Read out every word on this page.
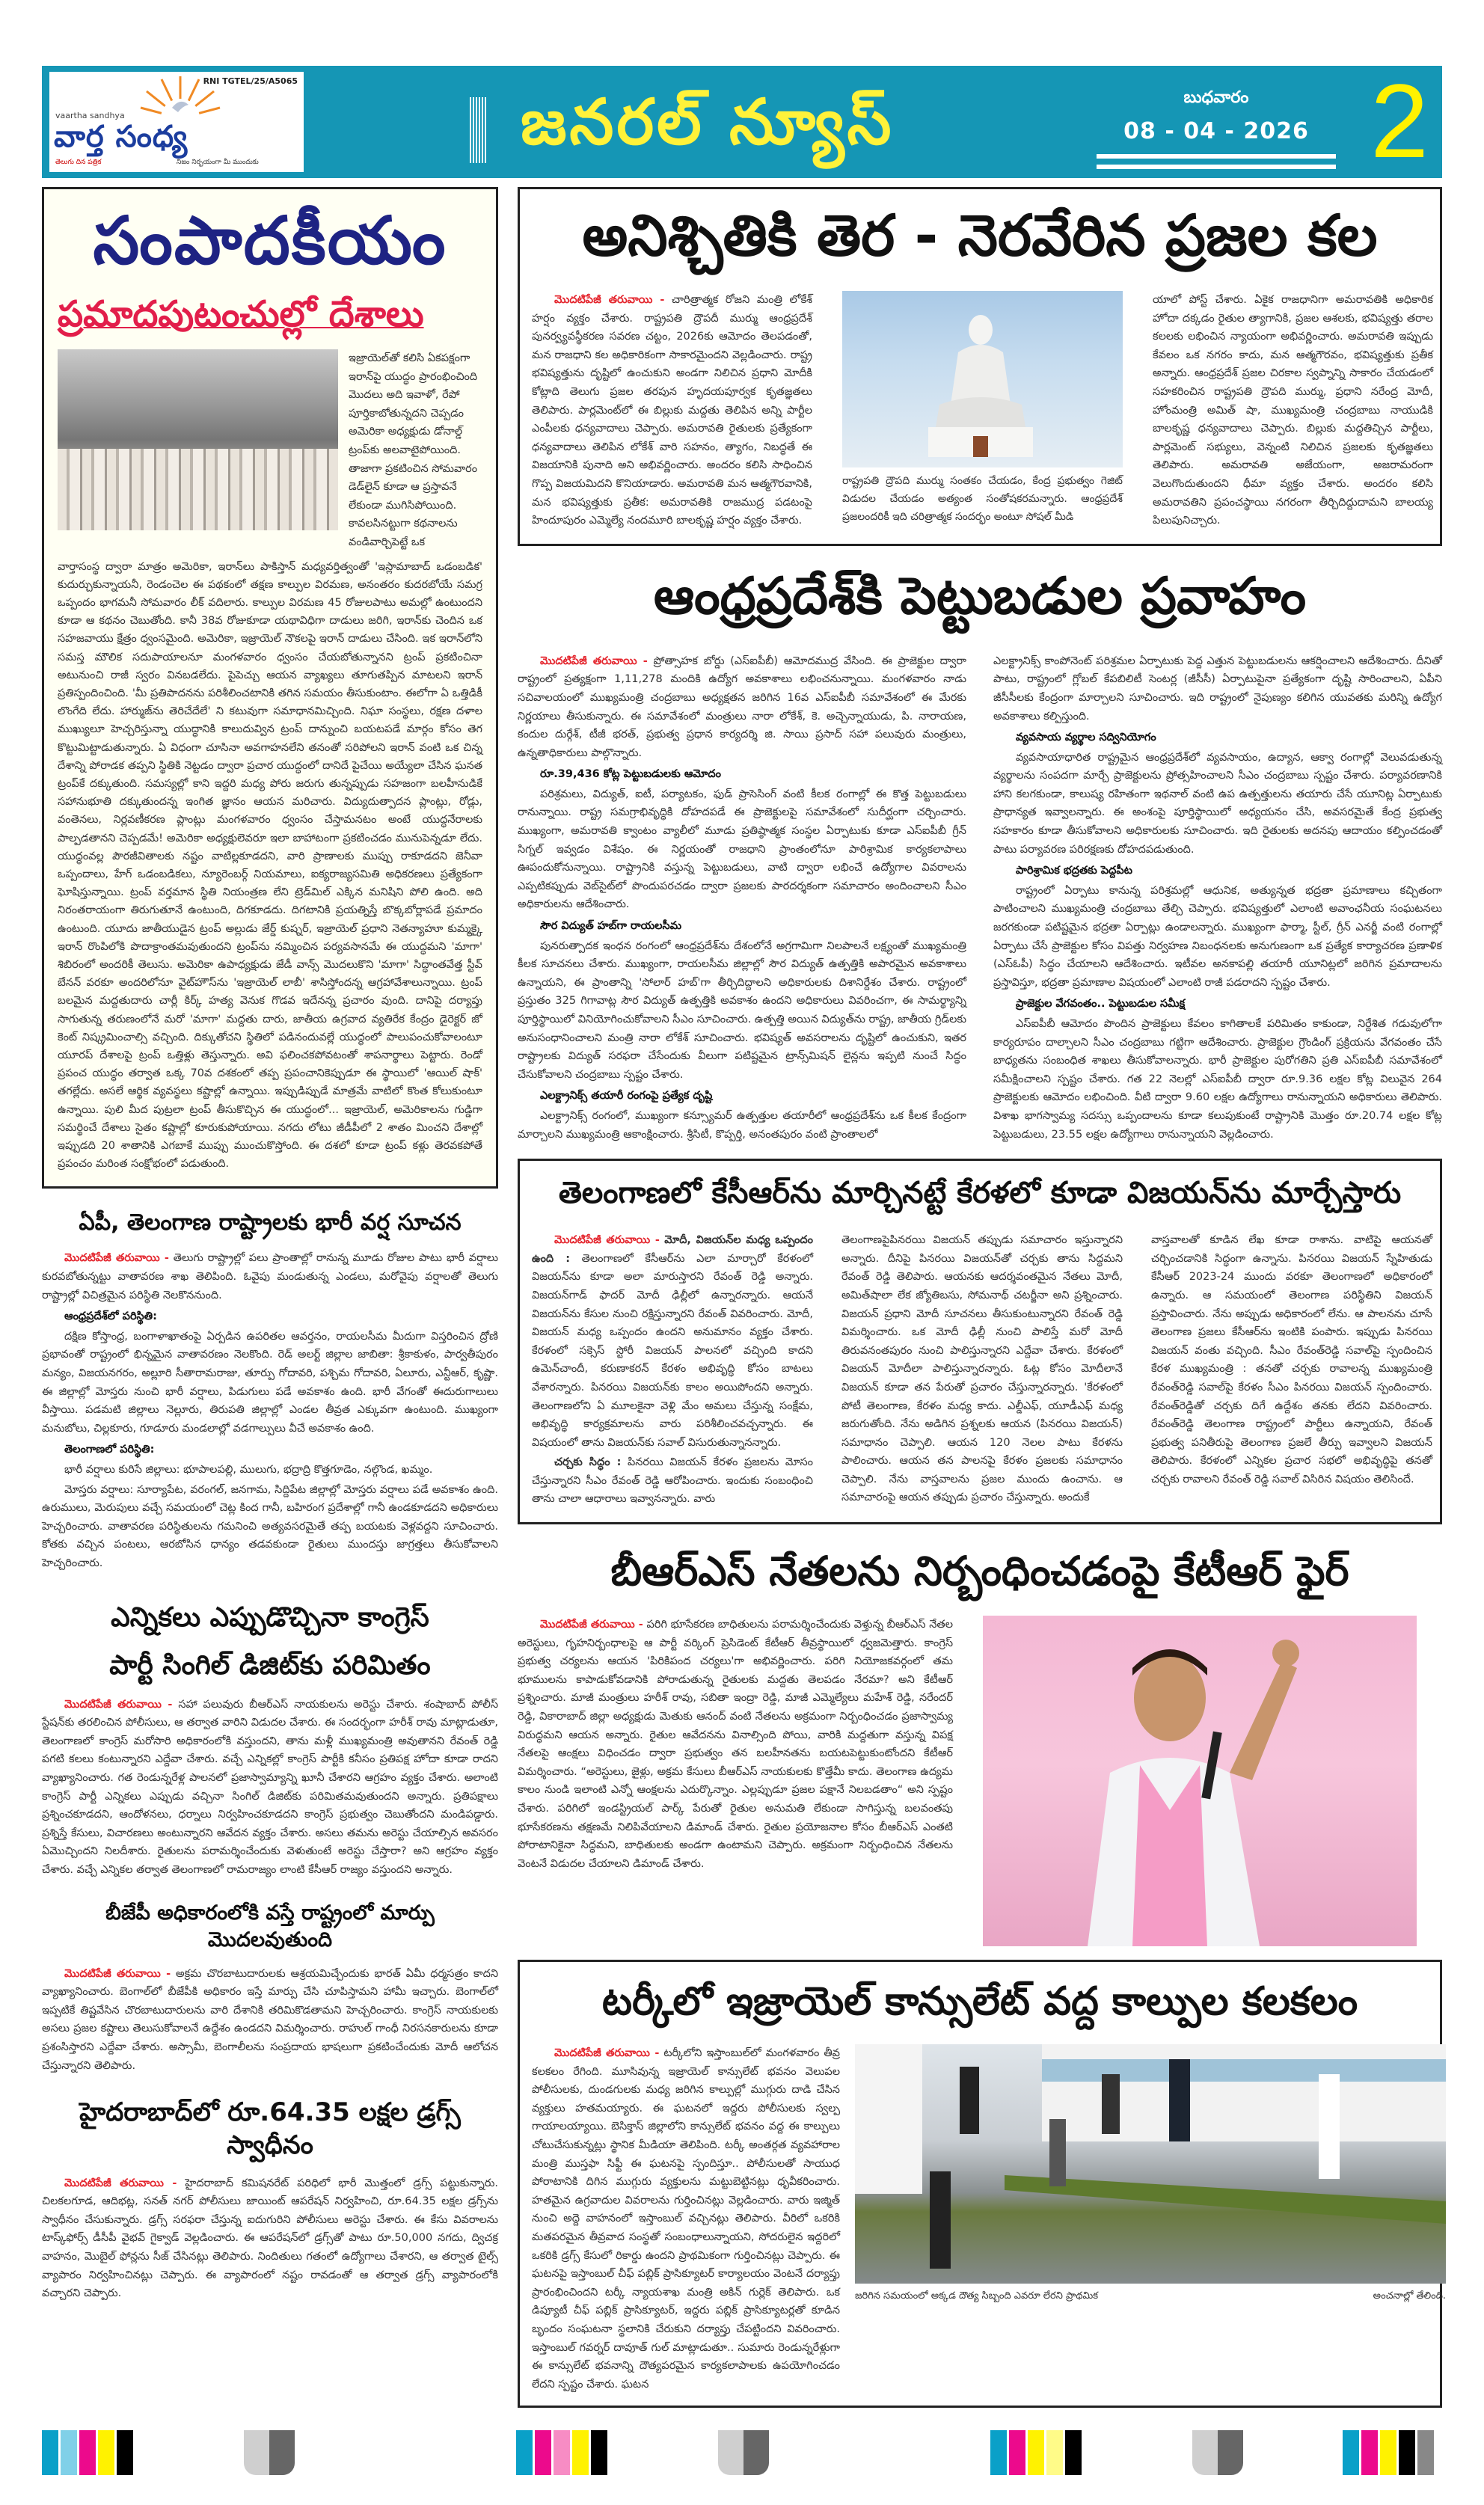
RNI TGTEL/25/A5065
vaartha sandhya
వార్త సంధ్య
తెలుగు దిన పత్రిక	నిజం నిర్భయంగా మీ ముందుకు
జనరల్ న్యూస్	బుధవారం
08 - 04 - 2026 2
సంపాదకీయం
ప్రమాదపుటంచుల్లో దేశాలు
ఇజ్రాయెల్‌తో కలిసి ఏకపక్షంగా ఇరాన్‌పై యుద్ధం ప్రారంభించింది మొదలు అది ఇవాళో, రేపో పూర్తికాబోతున్నదని చెప్పడం అమెరికా అధ్యక్షుడు డోనాల్డ్ ట్రంప్‌కు అలవాటైపోయింది. తాజాగా ప్రకటించిన సోమవారం డెడ్‌లైన్ కూడా ఆ ప్రస్తావనే లేకుండా ముగిసిపోయింది. కావలసినట్టుగా కథనాలను వండివార్చిపెట్టే ఒక
వార్తాసంస్థ ద్వారా మాత్రం అమెరికా, ఇరాన్‌లు పాకిస్తాన్ మధ్యవర్తిత్వంతో 'ఇస్లామాబాద్ ఒడంబడిక' కుదుర్చుకున్నాయనీ, రెండంచెల ఈ పథకంలో తక్షణ కాల్పుల విరమణ, అనంతరం కుదరబోయే సమగ్ర ఒప్పందం భాగమనీ సోమవారం లీక్ వదిలారు. కాల్పుల విరమణ 45 రోజులపాటు అమల్లో ఉంటుందని కూడా ఆ కథనం చెబుతోంది. కానీ 38వ రోజుకూడా యథావిధిగా దాడులు జరిగి, ఇరాన్‌కు చెందిన ఒక సహజవాయు క్షేత్రం ధ్వంసమైంది. అమెరికా, ఇజ్రాయెల్ నౌకలపై ఇరాన్ దాడులు చేసింది. ఇక ఇరాన్‌లోని సమస్త మౌలిక సదుపాయాలనూ మంగళవారం ధ్వంసం చేయబోతున్నానని ట్రంప్ ప్రకటించినా అటునుంచి రాజీ స్వరం వినబడలేదు. పైపెచ్చు ఆయన వ్యాఖ్యలు తూగుతప్పిన మాటలని ఇరాన్ ప్రతిస్పందించింది. 'మీ ప్రతిపాదనను పరిశీలించటానికి తగిన సమయం తీసుకుంటాం. ఈలోగా ఏ ఒత్తిడికీ లొంగేది లేదు. హార్ముజ్‌ను తెరిచేదేలే' ని కటువుగా సమాధానమిచ్చింది. నిఘా సంస్థలు, రక్షణ దళాల ముఖ్యులూ హెచ్చరిస్తున్నా యుద్ధానికి కాలుదువ్విన ట్రంప్ దాన్నుంచి బయటపడే మార్గం కోసం తెగ కొట్టుమిట్టాడుతున్నారు. ఏ విధంగా చూసినా అవగాహనలేని తనంతో సరిపోలని ఇరాన్ వంటి ఒక చిన్న దేశాన్ని పోరాడక తప్పని స్థితికి నెట్టడం ద్వారా ప్రచార యుద్ధంలో దానిదే పైచేయి అయ్యేలా చేసిన ఘనత ట్రంప్‌కే దక్కుతుంది. సమస్యల్లో కాని ఇద్దరి మధ్య పోరు జరుగు తున్నప్పుడు సహజంగా బలహీనుడికే సహానుభూతి దక్కుతుందన్న ఇంగిత జ్ఞానం ఆయన మరిచారు. విద్యుదుత్పాదన ప్లాంట్లు, రోడ్లు, వంతెనలు, నిర్లవణీకరణ ప్లాంట్లు మంగళవారం ధ్వంసం చేస్తామనటం అంటే యుద్ధనేరాలకు పాల్పడతానని చెప్పడమే! అమెరికా అధ్యక్షులెవరూ ఇలా బాహాటంగా ప్రకటించడం మునుపెన్నడూ లేదు. యుద్ధంవల్ల పౌరజీవితాలకు నష్టం వాటిల్లకూడదని, వారి ప్రాణాలకు ముప్పు రాకూడదని జెనీవా ఒప్పందాలు, హేగ్ ఒడంబడికలు, న్యూరెంబర్గ్ నియమాలు, ఐక్యరాజ్యసమితి అధికరణలు ప్రత్యేకంగా ఘోషిస్తున్నాయి. ట్రంప్ వర్తమాన స్థితి నియంత్రణ లేని ట్రెడ్‌మిల్ ఎక్కిన మనిషిని పోలి ఉంది. అది నిరంతరాయంగా తిరుగుతూనే ఉంటుంది, దిగకూడదు. దిగటానికి ప్రయత్నిస్తే బొక్కబోర్లాపడే ప్రమాదం ఉంటుంది. యూదు జాతీయుడైన ట్రంప్ అల్లుడు జేర్డ్ కుష్నర్, ఇజ్రాయెల్ ప్రధాని నెతన్యాహూ కుమ్మక్కై ఇరాన్ రొంపిలోకి పొదాక్రాంతమవుతుందని ట్రంప్‌ను నమ్మించిన పర్యవసానమే ఈ యుద్ధమని 'మాగా' శిబిరంలో అందరికీ తెలుసు. అమెరికా ఉపాధ్యక్షుడు జేడీ వాన్స్ మొదలుకొని 'మాగా' సిద్ధాంతవేత్త స్టీవ్ బేనన్ వరకూ అందరిలోనూ వైట్‌హౌస్‌ను 'ఇజ్రాయెల్ లాబీ' శాసిస్తోందన్న ఆగ్రహావేశాలున్నాయి. ట్రంప్ బలమైన మద్దతుదారు చార్లీ కిర్క్ హత్య వెనుక గొడవ ఇదేనన్న ప్రచారం వుంది. దానిపై దర్యాప్తు సాగుతున్న తరుణంలోనే మరో 'మాగా' మద్దతు దారు, జాతీయ ఉగ్రవాద వ్యతిరేక కేంద్రం డైరెక్టర్ జో కెంట్ నిష్క్రమించాల్సి వచ్చింది. దిక్కుతోచని స్థితిలో పడినందువల్లే యుద్ధంలో పాలుపంచుకోవాలంటూ యూరప్ దేశాలపై ట్రంప్ ఒత్తిళ్లు తెస్తున్నారు. అవి ఫలించకపోవటంతో శాపనార్థాలు పెట్టారు. రెండో ప్రపంచ యుద్ధం తర్వాత ఒక్క 70వ దశకంలో తప్ప ప్రపంచానికెప్పుడూ ఈ స్థాయిలో 'ఆయిల్ షాక్' తగల్లేదు. అసలే ఆర్థిక వ్యవస్థలు కష్టాల్లో ఉన్నాయి. ఇప్పుడిప్పుడే మాత్రమే వాటిలో కొంత కోలుకుంటూ ఉన్నాయి. పులి మీద పుట్రలా ట్రంప్ తీసుకొచ్చిన ఈ యుద్ధంలో... ఇజ్రాయెల్, అమెరికాలను గుడ్డిగా సమర్థించే దేశాలు సైతం కష్టాల్లో కూరుకుపోయాయి. నగదు లోటు జీడీపీలో 2 శాతం మించని దేశాల్లో ఇప్పుడది 20 శాతానికి ఎగబాకే ముప్పు ముంచుకొస్తోంది. ఈ దశలో కూడా ట్రంప్ కళ్లు తెరవకపోతే ప్రపంచం మరింత సంక్షోభంలో పడుతుంది.
ఏపీ, తెలంగాణ రాష్ట్రాలకు భారీ వర్ష సూచన

మొదటిపేజీ తరువాయి - తెలుగు రాష్ట్రాల్లో పలు ప్రాంతాల్లో రానున్న మూడు రోజుల పాటు భారీ వర్షాలు కురవబోతున్నట్టు వాతావరణ శాఖ తెలిపింది. ఓవైపు మండుతున్న ఎండలు, మరోవైపు వర్షాలతో తెలుగు రాష్ట్రాల్లో విచిత్రమైన పరిస్థితి నెలకొననుంది.

ఆంధ్రప్రదేశ్‌లో పరిస్థితి:

దక్షిణ కోస్తాంధ్ర, బంగాళాఖాతంపై ఏర్పడిన ఉపరితల ఆవర్తనం, రాయలసీమ మీదుగా విస్తరించిన ద్రోణి ప్రభావంతో రాష్ట్రంలో భిన్నమైన వాతావరణం నెలకొంది. రెడ్ అలర్ట్ జిల్లాల జాబితా: శ్రీకాకుళం, పార్వతీపురం మన్యం, విజయనగరం, అల్లూరి సీతారామరాజు, తూర్పు గోదావరి, పశ్చిమ గోదావరి, ఏలూరు, ఎన్టీఆర్, కృష్ణా. ఈ జిల్లాల్లో మోస్తరు నుంచి భారీ వర్షాలు, పిడుగులు పడే అవకాశం ఉంది. భారీ వేగంతో ఈదురుగాలులు వీస్తాయి. పడమటి జిల్లాలు నెల్లూరు, తిరుపతి జిల్లాల్లో ఎండల తీవ్రత ఎక్కువగా ఉంటుంది. ముఖ్యంగా మనుబోలు, చిల్లకూరు, గూడూరు మండలాల్లో వడగాల్పులు వీచే అవకాశం ఉంది.

తెలంగాణలో పరిస్థితి:

భారీ వర్షాలు కురిసే జిల్లాలు: భూపాలపల్లి, ములుగు, భద్రాద్రి కొత్తగూడెం, నల్గొండ, ఖమ్మం.

మోస్తరు వర్షాలు: సూర్యాపేట, వరంగల్, జనగామ, సిద్దిపేట జిల్లాల్లో మోస్తరు వర్షాలు పడే అవకాశం ఉంది. ఉరుములు, మెరుపులు వచ్చే సమయంలో చెట్ల కింద గానీ, బహిరంగ ప్రదేశాల్లో గానీ ఉండకూడదని అధికారులు హెచ్చరించారు. వాతావరణ పరిస్థితులను గమనించి అత్యవసరమైతే తప్ప బయటకు వెళ్లవద్దని సూచించారు. కోతకు వచ్చిన పంటలు, ఆరబోసిన ధాన్యం తడవకుండా రైతులు ముందస్తు జాగ్రత్తలు తీసుకోవాలని హెచ్చరించారు.

ఎన్నికలు ఎప్పుడొచ్చినా కాంగ్రెస్
పార్టీ సింగిల్ డిజిట్‌కు పరిమితం

మొదటిపేజీ తరువాయి - సహా పలువురు బీఆర్ఎస్ నాయకులను అరెస్టు చేశారు. శంషాబాద్ పోలీస్ స్టేషన్‌కు తరలించిన పోలీసులు, ఆ తర్వాత వారిని విడుదల చేశారు. ఈ సందర్భంగా హరీశ్ రావు మాట్లాడుతూ, తెలంగాణలో కాంగ్రెస్ మరోసారి అధికారంలోకి వస్తుందని, తాను మళ్లీ ముఖ్యమంత్రి అవుతానని రేవంత్ రెడ్డి పగటి కలలు కంటున్నారని ఎద్దేవా చేశారు. వచ్చే ఎన్నికల్లో కాంగ్రెస్ పార్టీకి కనీసం ప్రతిపక్ష హోదా కూడా రాదని వ్యాఖ్యానించారు. గత రెండున్నరేళ్ల పాలనలో ప్రజాస్వామ్యాన్ని ఖూనీ చేశారని ఆగ్రహం వ్యక్తం చేశారు. అలాంటి కాంగ్రెస్ పార్టీ ఎన్నికలు ఎప్పుడు వచ్చినా సింగిల్ డిజిట్‌కు పరిమితమవుతుందని అన్నారు. ప్రతిపక్షాలు ప్రశ్నించకూడదని, ఆందోళనలు, ధర్నాలు నిర్వహించకూడదని కాంగ్రెస్ ప్రభుత్వం చెబుతోందని మండిపడ్డారు. ప్రశ్నిస్తే కేసులు, విచారణలు అంటున్నారని ఆవేదన వ్యక్తం చేశారు. అసలు తమను అరెస్టు చేయాల్సిన అవసరం ఏమొచ్చిందని నిలదీశారు. రైతులను పరామర్శించేందుకు వెళుతుంటే అరెస్టు చేస్తారా? అని ఆగ్రహం వ్యక్తం చేశారు. వచ్చే ఎన్నికల తర్వాత తెలంగాణలో రామరాజ్యం లాంటి కేసీఆర్ రాజ్యం వస్తుందని అన్నారు.

బీజేపీ అధికారంలోకి వస్తే రాష్ట్రంలో మార్పు మొదలవుతుంది

మొదటిపేజీ తరువాయి - అక్రమ చొరబాటుదారులకు ఆశ్రయమిచ్చేందుకు భారత్ ఏమీ ధర్మసత్రం కాదని వ్యాఖ్యానించారు. బెంగాల్‌లో బీజేపీకి అధికారం ఇస్తే మార్పు చేసి చూపిస్తామని హామీ ఇచ్చారు. బెంగాల్‌లో ఇప్పటికే తిష్టవేసిన చొరబాటుదారులను వారి దేశానికి తరిమికొడతామని హెచ్చరించారు. కాంగ్రెస్ నాయకులకు అసలు ప్రజల కష్టాలు తెలుసుకోవాలనే ఉద్దేశం ఉండదని విమర్శించారు. రాహుల్ గాంధీ నిరసనకారులను కూడా ప్రశంసిస్తారని ఎద్దేవా చేశారు. అస్సామీ, బెంగాలీలను సంప్రదాయ భాషలుగా ప్రకటించేందుకు మోదీ ఆలోచన చేస్తున్నారని తెలిపారు.

హైదరాబాద్‌లో రూ.64.35 లక్షల డ్రగ్స్ స్వాధీనం

మొదటిపేజీ తరువాయి - హైదరాబాద్ కమిషనరేట్ పరిధిలో భారీ మొత్తంలో డ్రగ్స్ పట్టుకున్నారు. చిలకలగూడ, ఆదిభట్ల, సనత్ నగర్ పోలీసులు జాయింట్ ఆపరేషన్ నిర్వహించి, రూ.64.35 లక్షల డ్రగ్స్‌ను స్వాధీనం చేసుకున్నారు. డ్రగ్స్ సరఫరా చేస్తున్న ఐదుగురిని పోలీసులు అరెస్టు చేశారు. ఈ కేసు వివరాలను టాస్క్‌ఫోర్స్ డీసీపీ వైభవ్ గైక్వాడ్ వెల్లడించారు. ఈ ఆపరేషన్‌లో డ్రగ్స్‌తో పాటు రూ.50,000 నగదు, ద్విచక్ర వాహనం, మొబైల్ ఫోన్లను సీజ్ చేసినట్లు తెలిపారు. నిందితులు గతంలో ఉద్యోగాలు చేశారని, ఆ తర్వాత టైల్స్ వ్యాపారం నిర్వహించినట్లు చెప్పారు. ఈ వ్యాపారంలో నష్టం రావడంతో ఆ తర్వాత డ్రగ్స్ వ్యాపారంలోకి వచ్చారని చెప్పారు.

అనిశ్చితికి తెర - నెరవేరిన ప్రజల కల

మొదటిపేజీ తరువాయి - చారిత్రాత్మక రోజని మంత్రి లోకేశ్ హర్షం వ్యక్తం చేశారు. రాష్ట్రపతి ద్రౌపదీ ముర్ము ఆంధ్రప్రదేశ్ పునర్వ్యవస్థీకరణ సవరణ చట్టం, 2026కు ఆమోదం తెలపడంతో, మన రాజధాని కల అధికారికంగా సాకారమైందని వెల్లడించారు. రాష్ట్ర భవిష్యత్తును దృష్టిలో ఉంచుకుని అండగా నిలిచిన ప్రధాని మోదీకి కోట్లాది తెలుగు ప్రజల తరపున హృదయపూర్వక కృతజ్ఞతలు తెలిపారు. పార్లమెంట్‌లో ఈ బిల్లుకు మద్దతు తెలిపిన అన్ని పార్టీల ఎంపీలకు ధన్యవాదాలు చెప్పారు. అమరావతి రైతులకు ప్రత్యేకంగా ధన్యవాదాలు తెలిపిన లోకేశ్ వారి సహనం, త్యాగం, నిబద్ధతే ఈ విజయానికి పునాది అని అభివర్ణించారు. అందరం కలిసి సాధించిన గొప్ప విజయమిదని కొనియాడారు. అమరావతి మన ఆత్మగౌరవానికి, మన భవిష్యత్తుకు ప్రతీక: అమరావతికి రాజముద్ర పడటంపై హిందూపురం ఎమ్మెల్యే నందమూరి బాలకృష్ణ హర్షం వ్యక్తం చేశారు.

రాష్ట్రపతి ద్రౌపది ముర్ము సంతకం చేయడం, కేంద్ర ప్రభుత్వం గెజిట్ విడుదల చేయడం అత్యంత సంతోషకరమన్నారు. ఆంధ్రప్రదేశ్ ప్రజలందరికీ ఇది చరిత్రాత్మక సందర్భం అంటూ సోషల్ మీడి

యాలో పోస్ట్ చేశారు. ఏకైక రాజధానిగా అమరావతికి అధికారిక హోదా దక్కడం రైతుల త్యాగానికి, ప్రజల ఆశలకు, భవిష్యత్తు తరాల కలలకు లభించిన న్యాయంగా అభివర్ణించారు. అమరావతి ఇప్పుడు కేవలం ఒక నగరం కాదు, మన ఆత్మగౌరవం, భవిష్యత్తుకు ప్రతీక అన్నారు. ఆంధ్రప్రదేశ్ ప్రజల చిరకాల స్వప్నాన్ని సాకారం చేయడంలో సహకరించిన రాష్ట్రపతి ద్రౌపది ముర్ము, ప్రధాని నరేంద్ర మోదీ, హోంమంత్రి అమిత్ షా, ముఖ్యమంత్రి చంద్రబాబు నాయుడికి బాలకృష్ణ ధన్యవాదాలు చెప్పారు. బిల్లుకు మద్దతిచ్చిన పార్టీలు, పార్లమెంట్ సభ్యులు, వెన్నంటి నిలిచిన ప్రజలకు కృతజ్ఞతలు తెలిపారు. అమరావతి అజేయంగా, అజరామరంగా వెలుగొందుతుందని ధీమా వ్యక్తం చేశారు. అందరం కలిసి అమరావతిని ప్రపంచస్థాయి నగరంగా తీర్చిదిద్దుదామని బాలయ్య పిలుపునిచ్చారు.

ఆంధ్రప్రదేశ్‌కి పెట్టుబడుల ప్రవాహం

మొదటిపేజీ తరువాయి - ప్రోత్సాహక బోర్డు (ఎస్ఐపీబీ) ఆమోదముద్ర వేసింది. ఈ ప్రాజెక్టుల ద్వారా రాష్ట్రంలో ప్రత్యక్షంగా 1,11,278 మందికి ఉద్యోగ అవకాశాలు లభించనున్నాయి. మంగళవారం నాడు సచివాలయంలో ముఖ్యమంత్రి చంద్రబాబు అధ్యక్షతన జరిగిన 16వ ఎస్ఐపీబీ సమావేశంలో ఈ మేరకు నిర్ణయాలు తీసుకున్నారు. ఈ సమావేశంలో మంత్రులు నారా లోకేశ్, కె. అచ్చెన్నాయుడు, పి. నారాయణ, కందుల దుర్గేశ్, టీజీ భరత్, ప్రభుత్వ ప్రధాన కార్యదర్శి జి. సాయి ప్రసాద్ సహా పలువురు మంత్రులు, ఉన్నతాధికారులు పాల్గొన్నారు.

రూ.39,436 కోట్ల పెట్టుబడులకు ఆమోదం

పరిశ్రమలు, విద్యుత్, ఐటీ, పర్యాటకం, ఫుడ్ ప్రాసెసింగ్ వంటి కీలక రంగాల్లో ఈ కొత్త పెట్టుబడులు రానున్నాయి. రాష్ట్ర సమగ్రాభివృద్ధికి దోహదపడే ఈ ప్రాజెక్టులపై సమావేశంలో సుదీర్ఘంగా చర్చించారు. ముఖ్యంగా, అమరావతి క్వాంటం వ్యాలీలో మూడు ప్రతిష్ఠాత్మక సంస్థల ఏర్పాటుకు కూడా ఎస్ఐపీబీ గ్రీన్ సిగ్నల్ ఇవ్వడం విశేషం. ఈ నిర్ణయంతో రాజధాని ప్రాంతంలోనూ పారిశ్రామిక కార్యకలాపాలు ఊపందుకోనున్నాయి. రాష్ట్రానికి వస్తున్న పెట్టుబడులు, వాటి ద్వారా లభించే ఉద్యోగాల వివరాలను ఎప్పటికప్పుడు వెబ్‌సైట్‌లో పొందుపరచడం ద్వారా ప్రజలకు పారదర్శకంగా సమాచారం అందించాలని సీఎం అధికారులను ఆదేశించారు.

సౌర విద్యుత్ హబ్‌గా రాయలసీమ

పునరుత్పాదక ఇంధన రంగంలో ఆంధ్రప్రదేశ్‌ను దేశంలోనే అగ్రగామిగా నిలపాలనే లక్ష్యంతో ముఖ్యమంత్రి కీలక సూచనలు చేశారు. ముఖ్యంగా, రాయలసీమ జిల్లాల్లో సౌర విద్యుత్ ఉత్పత్తికి అపారమైన అవకాశాలు ఉన్నాయని, ఈ ప్రాంతాన్ని 'సోలార్ హబ్'గా తీర్చిదిద్దాలని అధికారులకు దిశానిర్దేశం చేశారు. రాష్ట్రంలో ప్రస్తుతం 325 గిగావాట్ల సౌర విద్యుత్ ఉత్పత్తికి అవకాశం ఉందని అధికారులు వివరించగా, ఈ సామర్థ్యాన్ని పూర్తిస్థాయిలో వినియోగించుకోవాలని సీఎం సూచించారు. ఉత్పత్తి అయిన విద్యుత్‌ను రాష్ట్ర, జాతీయ గ్రిడ్‌లకు అనుసంధానించాలని మంత్రి నారా లోకేశ్ సూచించారు. భవిష్యత్ అవసరాలను దృష్టిలో ఉంచుకుని, ఇతర రాష్ట్రాలకు విద్యుత్ సరఫరా చేసేందుకు వీలుగా పటిష్టమైన ట్రాన్స్‌మిషన్ లైన్లను ఇప్పటి నుంచే సిద్ధం చేసుకోవాలని చంద్రబాబు స్పష్టం చేశారు.

ఎలక్ట్రానిక్స్ తయారీ రంగంపై ప్రత్యేక దృష్టి

ఎలక్ట్రానిక్స్ రంగంలో, ముఖ్యంగా కన్స్యూమర్ ఉత్పత్తుల తయారీలో ఆంధ్రప్రదేశ్‌ను ఒక కీలక కేంద్రంగా మార్చాలని ముఖ్యమంత్రి ఆకాంక్షించారు. శ్రీసిటీ, కొప్పర్తి, అనంతపురం వంటి ప్రాంతాలలో

ఎలక్ట్రానిక్స్ కాంపోనెంట్ పరిశ్రమల ఏర్పాటుకు పెద్ద ఎత్తున పెట్టుబడులను ఆకర్షించాలని ఆదేశించారు. దీనితో పాటు, రాష్ట్రంలో గ్లోబల్ కేపబిలిటీ సెంటర్ల (జీసీసీ) ఏర్పాటుపైనా ప్రత్యేకంగా దృష్టి సారించాలని, ఏపీని జీసీసీలకు కేంద్రంగా మార్చాలని సూచించారు. ఇది రాష్ట్రంలో నైపుణ్యం కలిగిన యువతకు మరిన్ని ఉద్యోగ అవకాశాలు కల్పిస్తుంది.

వ్యవసాయ వ్యర్థాల సద్వినియోగం

వ్యవసాయాధారిత రాష్ట్రమైన ఆంధ్రప్రదేశ్‌లో వ్యవసాయం, ఉద్యాన, ఆక్వా రంగాల్లో వెలువడుతున్న వ్యర్థాలను సంపదగా మార్చే ప్రాజెక్టులను ప్రోత్సహించాలని సీఎం చంద్రబాబు స్పష్టం చేశారు. పర్యావరణానికి హాని కలగకుండా, కాలుష్య రహితంగా ఇథనాల్ వంటి ఉప ఉత్పత్తులను తయారు చేసే యూనిట్ల ఏర్పాటుకు ప్రాధాన్యత ఇవ్వాలన్నారు. ఈ అంశంపై పూర్తిస్థాయిలో అధ్యయనం చేసి, అవసరమైతే కేంద్ర ప్రభుత్వ సహకారం కూడా తీసుకోవాలని అధికారులకు సూచించారు. ఇది రైతులకు అదనపు ఆదాయం కల్పించడంతో పాటు పర్యావరణ పరిరక్షణకు దోహదపడుతుంది.

పారిశ్రామిక భద్రతకు పెద్దపీట

రాష్ట్రంలో ఏర్పాటు కానున్న పరిశ్రమల్లో ఆధునిక, అత్యున్నత భద్రతా ప్రమాణాలు కచ్చితంగా పాటించాలని ముఖ్యమంత్రి చంద్రబాబు తేల్చి చెప్పారు. భవిష్యత్తులో ఎలాంటి అవాంఛనీయ సంఘటనలు జరగకుండా పటిష్టమైన భద్రతా ఏర్పాట్లు ఉండాలన్నారు. ముఖ్యంగా ఫార్మా, స్టీల్, గ్రీన్ ఎనర్జీ వంటి రంగాల్లో ఏర్పాటు చేసే ప్రాజెక్టుల కోసం విపత్తు నిర్వహణ నిబంధనలకు అనుగుణంగా ఒక ప్రత్యేక కార్యాచరణ ప్రణాళిక (ఎస్ఓపీ) సిద్ధం చేయాలని ఆదేశించారు. ఇటీవల అనకాపల్లి తయారీ యూనిట్లలో జరిగిన ప్రమాదాలను ప్రస్తావిస్తూ, భద్రతా ప్రమాణాల విషయంలో ఎలాంటి రాజీ పడరాదని స్పష్టం చేశారు.

ప్రాజెక్టుల వేగవంతం.. పెట్టుబడుల సమీక్ష

ఎస్ఐపీబీ ఆమోదం పొందిన ప్రాజెక్టులు కేవలం కాగితాలకే పరిమితం కాకుండా, నిర్దేశిత గడువులోగా కార్యరూపం దాల్చాలని సీఎం చంద్రబాబు గట్టిగా ఆదేశించారు. ప్రాజెక్టుల గ్రౌండింగ్ ప్రక్రియను వేగవంతం చేసే బాధ్యతను సంబంధిత శాఖలు తీసుకోవాలన్నారు. భారీ ప్రాజెక్టుల పురోగతిని ప్రతి ఎస్ఐపీబీ సమావేశంలో సమీక్షించాలని స్పష్టం చేశారు. గత 22 నెలల్లో ఎస్ఐపీబీ ద్వారా రూ.9.36 లక్షల కోట్ల విలువైన 264 ప్రాజెక్టులకు ఆమోదం లభించింది. వీటి ద్వారా 9.60 లక్షల ఉద్యోగాలు రానున్నాయని అధికారులు తెలిపారు. విశాఖ భాగస్వామ్య సదస్సు ఒప్పందాలను కూడా కలుపుకుంటే రాష్ట్రానికి మొత్తం రూ.20.74 లక్షల కోట్ల పెట్టుబడులు, 23.55 లక్షల ఉద్యోగాలు రానున్నాయని వెల్లడించారు.

తెలంగాణలో కేసీఆర్‌ను మార్చినట్టే కేరళలో కూడా విజయన్‌ను మార్చేస్తారు

మొదటిపేజీ తరువాయి - మోదీ, విజయన్‌ల మధ్య ఒప్పందం ఉంది : తెలంగాణలో కేసీఆర్‌ను ఎలా మార్చారో కేరళంలో విజయన్‌ను కూడా అలా మారుస్తారని రేవంత్ రెడ్డి అన్నారు. విజయన్‌గాడ్ ఫాదర్ మోదీ ఢిల్లీలో ఉన్నారన్నారు. ఆయనే విజయన్‌ను కేసుల నుంచి రక్షిస్తున్నారని రేవంత్ వివరించారు. మోదీ, విజయన్ మధ్య ఒప్పందం ఉందని అనుమానం వ్యక్తం చేశారు. కేరళంలో సక్సెస్ స్టోరీ విజయన్ పాలనలో వచ్చింది కాదని ఉమెన్‌చాందీ, కరుణాకరన్ కేరళం అభివృద్ధి కోసం బాటలు వేశారన్నారు. పినరయి విజయన్‌కు కాలం అయిపోందని అన్నారు. తెలంగాణలోని ఏ మూలకైనా వెళ్లి మేం అమలు చేస్తున్న సంక్షేమ, అభివృద్ధి కార్యక్రమాలను వారు పరిశీలించవచ్చన్నారు. ఈ విషయంలో తాను విజయన్‌కు సవాల్ విసురుతున్నానన్నారు.

చర్చకు సిద్ధం : పినరయి విజయన్ కేరళం ప్రజలను మోసం చేస్తున్నారని సీఎం రేవంత్ రెడ్డి ఆరోపించారు. ఇందుకు సంబంధించి తాను చాలా ఆధారాలు ఇవ్వానన్నారు. వారు

తెలంగాణపైపినరయి విజయన్ తప్పుడు సమాచారం ఇస్తున్నారని అన్నారు. దీనిపై పినరయి విజయన్‌తో చర్చకు తాను సిద్ధమని రేవంత్ రెడ్డి తెలిపారు. ఆయనకు ఆదర్శవంతమైన నేతలు మోదీ, అమిత్‌షాలా లేక జ్యోతిబసు, సోమనాథ్ చటర్జీనా అని ప్రశ్నించారు. విజయన్ ప్రధాని మోదీ సూచనలు తీసుకుంటున్నారని రేవంత్ రెడ్డి విమర్శించారు. ఒక మోదీ ఢిల్లీ నుంచి పాలిస్తే మరో మోదీ తిరువనంతపురం నుంచి పాలిస్తున్నారని ఎద్దేవా చేశారు. కేరళంలో విజయన్ మోదీలా పాలిస్తున్నారన్నారు. ఓట్ల కోసం మోదీలానే విజయన్ కూడా తన పేరుతో ప్రచారం చేస్తున్నారన్నారు. 'కేరళంలో పోటీ తెలంగాణ, కేరళం మధ్య కాదు. ఎల్డీఎఫ్, యూడీఎఫ్ మధ్య జరుగుతోంది. నేను అడిగిన ప్రశ్నలకు ఆయన (పినరయి విజయన్) సమాధానం చెప్పాలి. ఆయన 120 నెలల పాటు కేరళను పాలించారు. ఆయన తన పాలనపై కేరళం ప్రజలకు సమాధానం చెప్పాలి. నేను వాస్తవాలను ప్రజల ముందు ఉంచాను. ఆ సమాచారంపై ఆయన తప్పుడు ప్రచారం చేస్తున్నారు. అందుకే
వాస్తవాలతో కూడిన లేఖ కూడా రాశాను. వాటిపై ఆయనతో చర్చించడానికి సిద్ధంగా ఉన్నాను. పినరయి విజయన్ స్నేహితుడు కేసీఆర్ 2023-24 ముందు వరకూ తెలంగాణలో అధికారంలో ఉన్నారు. ఆ సమయంలో తెలంగాణ పరిస్థితిని విజయన్ ప్రస్తావించారు. నేను అప్పుడు అధికారంలో లేను. ఆ పాలనను చూసే తెలంగాణ ప్రజలు కేసీఆర్‌ను ఇంటికి పంపారు. ఇప్పుడు పినరయి విజయన్ వంతు వచ్చింది. సీఎం రేవంత్‌రెడ్డి సవాల్‌పై స్పందించిన కేరళ ముఖ్యమంత్రి : తనతో చర్చకు రావాలన్న ముఖ్యమంత్రి రేవంత్‌రెడ్డి సవాల్‌పై కేరళం సీఎం పినరయి విజయన్ స్పందించారు. రేవంత్‌రెడ్డితో చర్చకు దిగే ఉద్దేశం తనకు లేదని వివరించారు. రేవంత్‌రెడ్డి తెలంగాణ రాష్ట్రంలో పార్టీలు ఉన్నాయని, రేవంత్ ప్రభుత్వ పనితీరుపై తెలంగాణ ప్రజలే తీర్పు ఇవ్వాలని విజయన్ తెలిపారు. కేరళంలో ఎన్నికల ప్రచార సభలో అభివృద్ధిపై తనతో చర్చకు రావాలని రేవంత్ రెడ్డి సవాల్ విసిరిన విషయం తెలిసిందే.
బీఆర్ఎస్ నేతలను నిర్బంధించడంపై కేటీఆర్ ఫైర్

మొదటిపేజీ తరువాయి - పరిగి భూసేకరణ బాధితులను పరామర్శించేందుకు వెళ్తున్న బీఆర్ఎస్ నేతల అరెస్టులు, గృహనిర్బంధాలపై ఆ పార్టీ వర్కింగ్ ప్రెసిడెంట్ కేటీఆర్ తీవ్రస్థాయిలో ధ్వజమెత్తారు. కాంగ్రెస్ ప్రభుత్వ చర్యలను ఆయన 'పిరికిపంద చర్యలు'గా అభివర్ణించారు. పరిగి నియోజకవర్గంలో తమ భూములను కాపాడుకోవడానికి పోరాడుతున్న రైతులకు మద్దతు తెలపడం నేరమా? అని కేటీఆర్ ప్రశ్నించారు. మాజీ మంత్రులు హరీశ్ రావు, సబితా ఇంద్రా రెడ్డి, మాజీ ఎమ్మెల్యేలు మహేశ్ రెడ్డి, నరేందర్ రెడ్డి, వికారాబాద్ జిల్లా అధ్యక్షుడు మెతుకు ఆనంద్ వంటి నేతలను అక్రమంగా నిర్బంధించడం ప్రజాస్వామ్య విరుద్ధమని ఆయన అన్నారు. రైతుల ఆవేదనను వినాల్సింది పోయి, వారికి మద్దతుగా వస్తున్న విపక్ష నేతలపై ఆంక్షలు విధించడం ద్వారా ప్రభుత్వం తన బలహీనతను బయటపెట్టుకుంటోందని కేటీఆర్ విమర్శించారు. “అరెస్టులు, జైళ్లు, అక్రమ కేసులు బీఆర్ఎస్ నాయకులకు కొత్తేమీ కాదు. తెలంగాణ ఉద్యమ కాలం నుండి ఇలాంటి ఎన్నో ఆంక్షలను ఎదుర్కొన్నాం. ఎల్లప్పుడూ ప్రజల పక్షానే నిలబడతాం“ అని స్పష్టం చేశారు. పరిగిలో ఇండస్ట్రియల్ పార్క్ పేరుతో రైతుల అనుమతి లేకుండా సాగిస్తున్న బలవంతపు భూసేకరణను తక్షణమే నిలిపివేయాలని డిమాండ్ చేశారు. రైతుల ప్రయోజనాల కోసం బీఆర్ఎస్ ఎంతటి పోరాటానికైనా సిద్ధమని, బాధితులకు అండగా ఉంటామని చెప్పారు. అక్రమంగా నిర్బంధించిన నేతలను వెంటనే విడుదల చేయాలని డిమాండ్ చేశారు.

టర్కీలో ఇజ్రాయెల్ కాన్సులేట్ వద్ద కాల్పుల కలకలం

మొదటిపేజీ తరువాయి - టర్కీలోని ఇస్తాంబుల్‌లో మంగళవారం తీవ్ర కలకలం రేగింది. మూసివున్న ఇజ్రాయెల్ కాన్సులేట్ భవనం వెలుపల పోలీసులకు, దుండగులకు మధ్య జరిగిన కాల్పుల్లో ముగ్గురు దాడి చేసిన వ్యక్తులు హతమయ్యారు. ఈ ఘటనలో ఇద్దరు పోలీసులకు స్వల్ప గాయాలయ్యాయి. బెసిక్తాస్ జిల్లాలోని కాన్సులేట్ భవనం వద్ద ఈ కాల్పులు చోటుచేసుకున్నట్లు స్థానిక మీడియా తెలిపింది. టర్కీ అంతర్గత వ్యవహారాల మంత్రి ముస్తఫా సిఫ్టీ ఈ ఘటనపై స్పందిస్తూ.. పోలీసులతో సాయుధ పోరాటానికి దిగిన ముగ్గురు వ్యక్తులను మట్టుబెట్టినట్లు ధృవీకరించారు. హతమైన ఉగ్రవాదుల వివరాలను గుర్తించినట్లు వెల్లడించారు. వారు ఇజ్మిత్ నుంచి అద్దె వాహనంలో ఇస్తాంబుల్ వచ్చినట్లు తెలిపారు. వీరిలో ఒకరికి మతపరమైన తీవ్రవాద సంస్థతో సంబంధాలున్నాయని, సోదరులైన ఇద్దరిలో ఒకరికి డ్రగ్స్ కేసులో రికార్డు ఉందని ప్రాథమికంగా గుర్తించినట్లు చెప్పారు. ఈ ఘటనపై ఇస్తాంబుల్ చీఫ్ పబ్లిక్ ప్రాసిక్యూటర్ కార్యాలయం వెంటనే దర్యాప్తు ప్రారంభించిందని టర్కీ న్యాయశాఖ మంత్రి అకిన్ గుర్లెక్ తెలిపారు. ఒక డిప్యూటీ చీఫ్ పబ్లిక్ ప్రాసిక్యూటర్, ఇద్దరు పబ్లిక్ ప్రాసిక్యూటర్లతో కూడిన బృందం సంఘటనా స్థలానికి చేరుకుని దర్యాప్తు చేపట్టిందని వివరించారు. ఇస్తాంబుల్ గవర్నర్ దావూత్ గుల్ మాట్లాడుతూ.. సుమారు రెండున్నరేళ్లుగా ఈ కాన్సులేట్ భవనాన్ని దౌత్యపరమైన కార్యకలాపాలకు ఉపయోగించడం లేదని స్పష్టం చేశారు. ఘటన

జరిగిన సమయంలో అక్కడ దౌత్య సిబ్బంది ఎవరూ లేరని ప్రాథమిక	అంచనాల్లో తేలింది.
